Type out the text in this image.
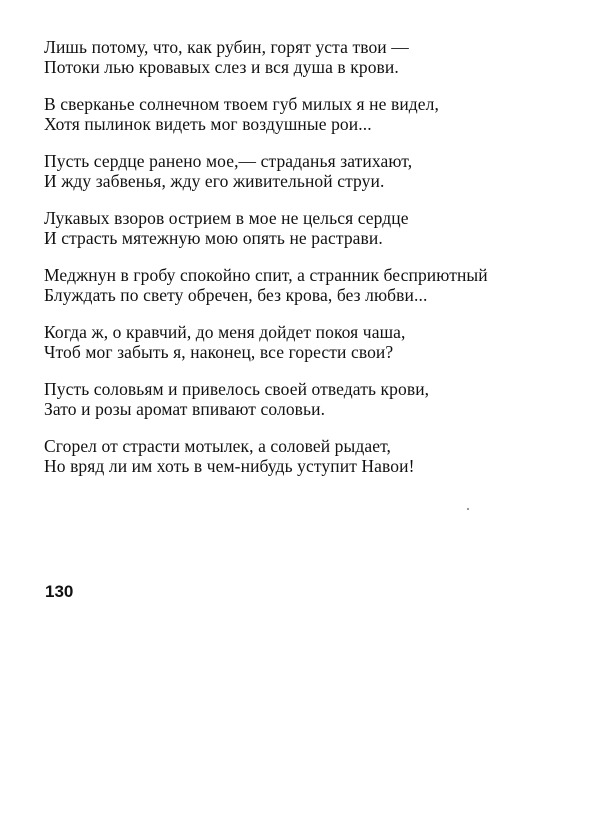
Лишь потому, что, как рубин, горят уста твои —
Потоки лью кровавых слез и вся душа в крови.
В сверканье солнечном твоем губ милых я не видел,
Хотя пылинок видеть мог воздушные рои...
Пусть сердце ранено мое,— страданья затихают,
И жду забвенья, жду его живительной струи.
Лукавых взоров острием в мое не целься сердце
И страсть мятежную мою опять не растрави.
Меджнун в гробу спокойно спит, а странник бесприютный
Блуждать по свету обречен, без крова, без любви...
Когда ж, о кравчий, до меня дойдет покоя чаша,
Чтоб мог забыть я, наконец, все горести свои?
Пусть соловьям и привелось своей отведать крови,
Зато и розы аромат впивают соловьи.
Сгорел от страсти мотылек, а соловей рыдает,
Но вряд ли им хоть в чем-нибудь уступит Навои!
130
